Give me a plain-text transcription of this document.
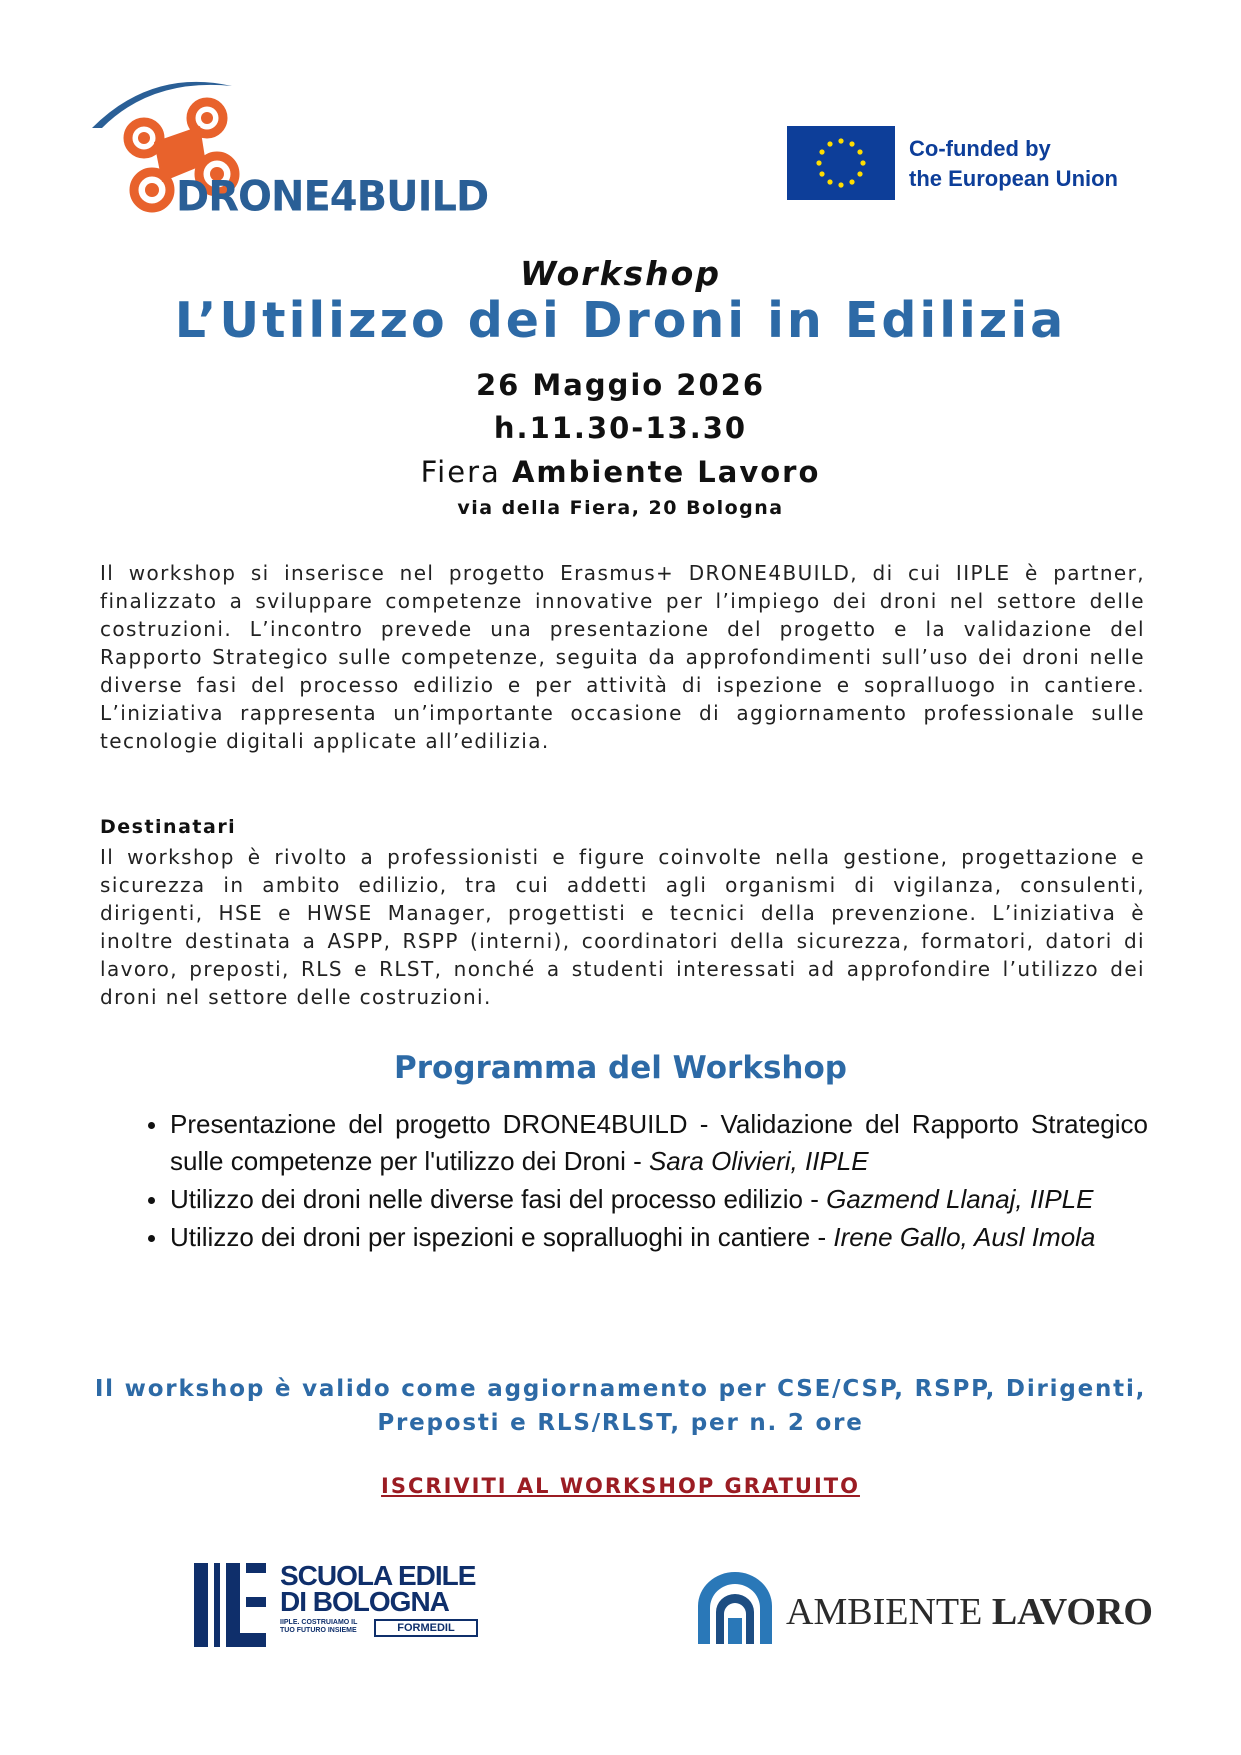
DRONE4BUILD
Co-funded by
the European Union
Workshop
L’Utilizzo dei Droni in Edilizia
26 Maggio 2026
h.11.30-13.30
Fiera Ambiente Lavoro
via della Fiera, 20 Bologna
Il workshop si inserisce nel progetto Erasmus+ DRONE4BUILD, di cui IIPLE è partner, finalizzato a sviluppare competenze innovative per l’impiego dei droni nel settore delle costruzioni. L’incontro prevede una presentazione del progetto e la validazione del Rapporto Strategico sulle competenze, seguita da approfondimenti sull’uso dei droni nelle diverse fasi del processo edilizio e per attività di ispezione e sopralluogo in cantiere. L’iniziativa rappresenta un’importante occasione di aggiornamento professionale sulle tecnologie digitali applicate all’edilizia.
Destinatari
Il workshop è rivolto a professionisti e figure coinvolte nella gestione, progettazione e sicurezza in ambito edilizio, tra cui addetti agli organismi di vigilanza, consulenti, dirigenti, HSE e HWSE Manager, progettisti e tecnici della prevenzione. L’iniziativa è inoltre destinata a ASPP, RSPP (interni), coordinatori della sicurezza, formatori, datori di lavoro, preposti, RLS e RLST, nonché a studenti interessati ad approfondire l’utilizzo dei droni nel settore delle costruzioni.
Programma del Workshop
Presentazione del progetto DRONE4BUILD - Validazione del Rapporto Strategico sulle competenze per l'utilizzo dei Droni - Sara Olivieri, IIPLE
Utilizzo dei droni nelle diverse fasi del processo edilizio - Gazmend Llanaj, IIPLE
Utilizzo dei droni per ispezioni e sopralluoghi in cantiere - Irene Gallo, Ausl Imola
Il workshop è valido come aggiornamento per CSE/CSP, RSPP, Dirigenti, Preposti e RLS/RLST, per n. 2 ore
ISCRIVITI AL WORKSHOP GRATUITO
SCUOLA EDILE
DI BOLOGNA
IIPLE. COSTRUIAMO IL TUO FUTURO INSIEME	FORMEDIL	AMBIENTE LAVORO
